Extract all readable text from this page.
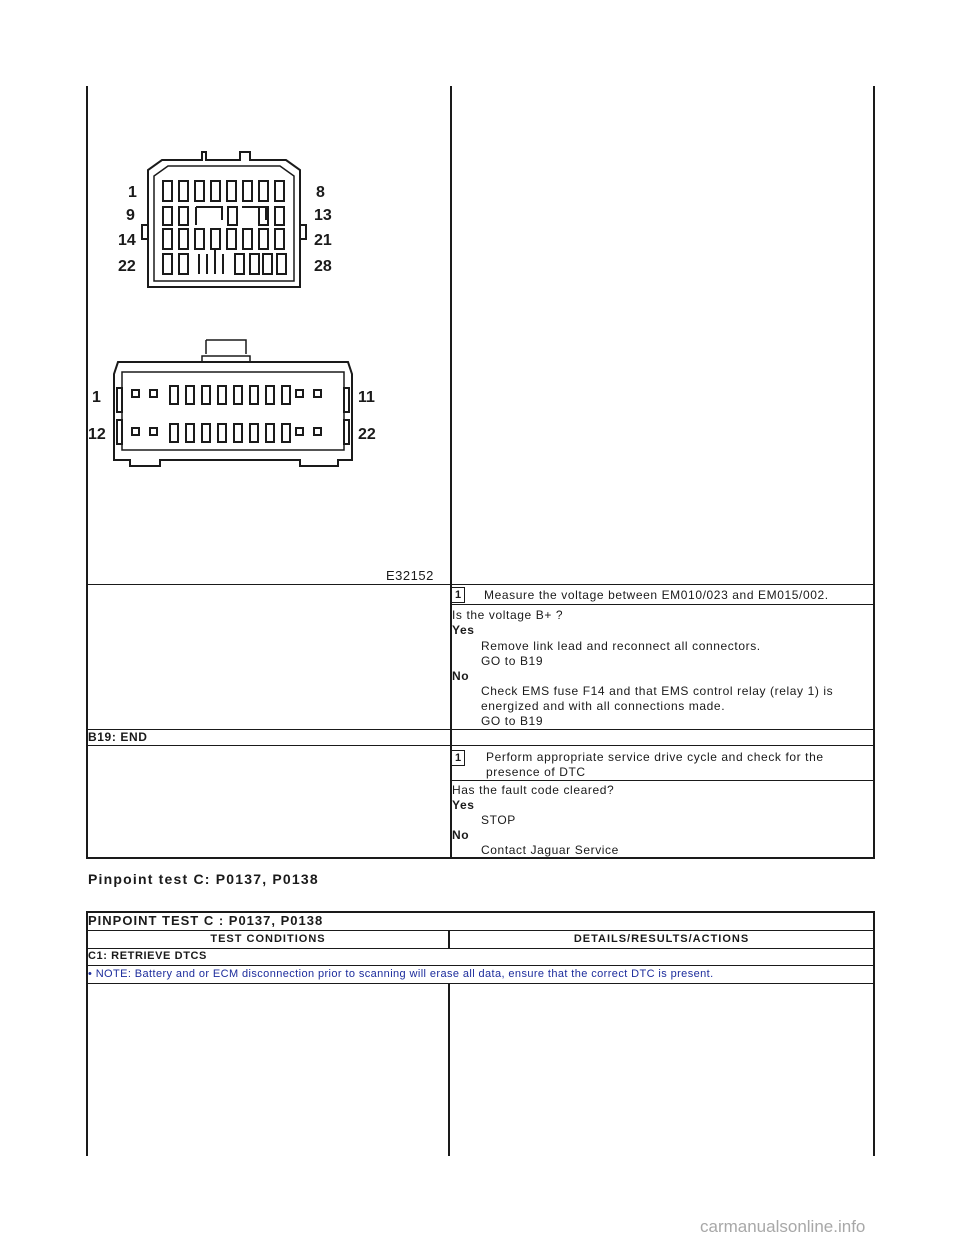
1
9
14
22
8
13
21
28
1
12
11
22
E32152
1	Measure the voltage between EM010/023 and EM015/002.
Is the voltage B+ ?
Yes
Remove link lead and reconnect all connectors.
GO to B19
No
Check EMS fuse F14 and that EMS control relay (relay 1) is
energized and with all connections made.
GO to B19
B19: END
1	Perform appropriate service drive cycle and check for the
presence of DTC
Has the fault code cleared?
Yes
STOP
No
Contact Jaguar Service
Pinpoint test C: P0137, P0138
PINPOINT TEST C : P0137, P0138
TEST CONDITIONS	DETAILS/RESULTS/ACTIONS
C1: RETRIEVE DTCS
• NOTE: Battery and or ECM disconnection prior to scanning will erase all data, ensure that the correct DTC is present.
carmanualsonline.info
